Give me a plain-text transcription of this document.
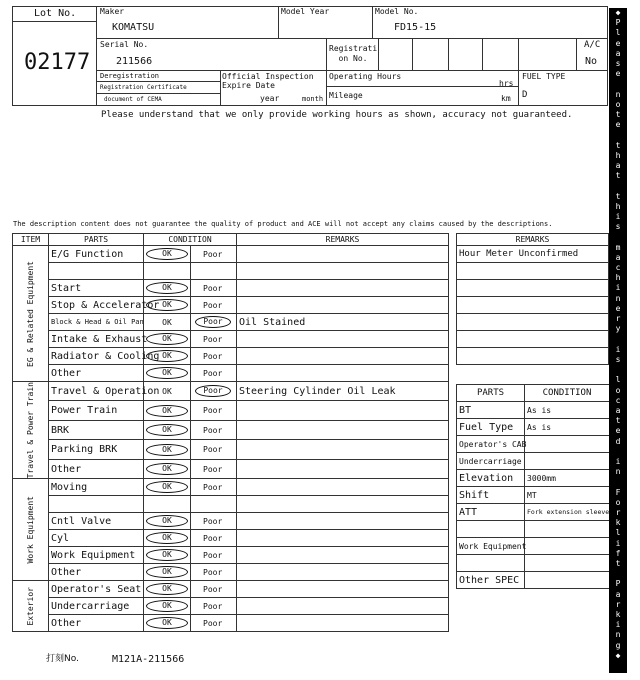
Lot No.
02177
Maker
KOMATSU
Model Year	Model No.
FD15-15
Serial No.
211566
Registrati on No.
A/C
No
Deregistration
Registration Certificate
document of CEMA
Official Inspection Expire Date
year	month
Operating Hours
hrs
Mileage	km
FUEL TYPE
D
Please understand that we only provide working hours as shown, accuracy not guaranteed.
The description content does not guarantee the quality of product and ACE will not accept any claims caused by the descriptions.
ITEM	PARTS	CONDITION		REMARKS

EG & Related Equipment	E/G Function	OK	Poor	

	Start	OK	Poor	
	Stop & Accelerator	OK	Poor	
	Block & Head & Oil Pan	OK	Poor	Oil Stained
	Intake & Exhaust	OK	Poor	
	Radiator & Cooling	OK	Poor	
	Other	OK	Poor	

Travel & Power Train	Travel & Operation	OK	Poor	Steering Cylinder Oil Leak
	Power Train	OK	Poor	
	BRK	OK	Poor	
	Parking BRK	OK	Poor	
	Other	OK	Poor	

Work Equipment	Moving	OK	Poor	

	Cntl Valve	OK	Poor	
	Cyl	OK	Poor	
	Work Equipment	OK	Poor	
	Other	OK	Poor	

Exterior	Operator's Seat	OK	Poor	
	Undercarriage	OK	Poor	
	Other	OK	Poor	
REMARKS
Hour Meter Unconfirmed

PARTS	CONDITION
BT	As is
Fuel Type	As is
Operator's CAB	
Undercarriage	
Elevation	3000mm
Shift	MT
ATT	Fork extension sleeve

Work Equipment	

Other SPEC	
打刻No.	M121A-211566
◆
P
l
e
a
s
e

n
o
t
e

t
h
a
t

t
h
i
s

m
a
c
h
i
n
e
r
y

i
s

l
o
c
a
t
e
d

i
n

F
o
r
k
l
i
f
t

P
a
r
k
i
n
g
◆
